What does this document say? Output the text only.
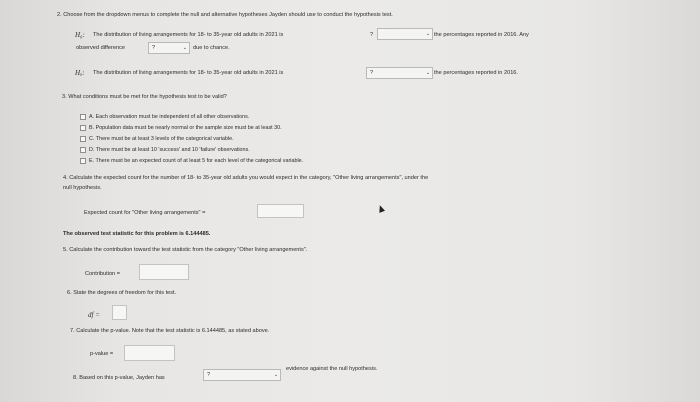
2. Choose from the dropdown menus to complete the null and alternative hypotheses Jayden should use to conduct the hypothesis test.
H₀: The distribution of living arrangements for 18- to 35-year old adults in 2021 is	?	⌄ the percentages reported in 2016. Any
observed difference	?	⌄	due to chance.
Hₐ: The distribution of living arrangements for 18- to 35-year old adults in 2021 is	?	⌄ the percentages reported in 2016.
3. What conditions must be met for the hypothesis test to be valid?
A. Each observation must be independent of all other observations.
B. Population data must be nearly normal or the sample size must be at least 30.
C. There must be at least 3 levels of the categorical variable.
D. There must be at least 10 'success' and 10 'failure' observations.
E. There must be an expected count of at least 5 for each level of the categorical variable.
4. Calculate the expected count for the number of 18- to 35-year old adults you would expect in the category, "Other living arrangements", under the
null hypothesis.
Expected count for "Other living arrangements" =
The observed test statistic for this problem is 6.144485.
5. Calculate the contribution toward the test statistic from the category "Other living arrangements".
Contribution =
6. State the degrees of freedom for this test.
df =
7. Calculate the p-value. Note that the test statistic is 6.144485, as stated above.
p-value =
8. Based on this p-value, Jayden has	?	⌄
evidence against the null hypothesis.
